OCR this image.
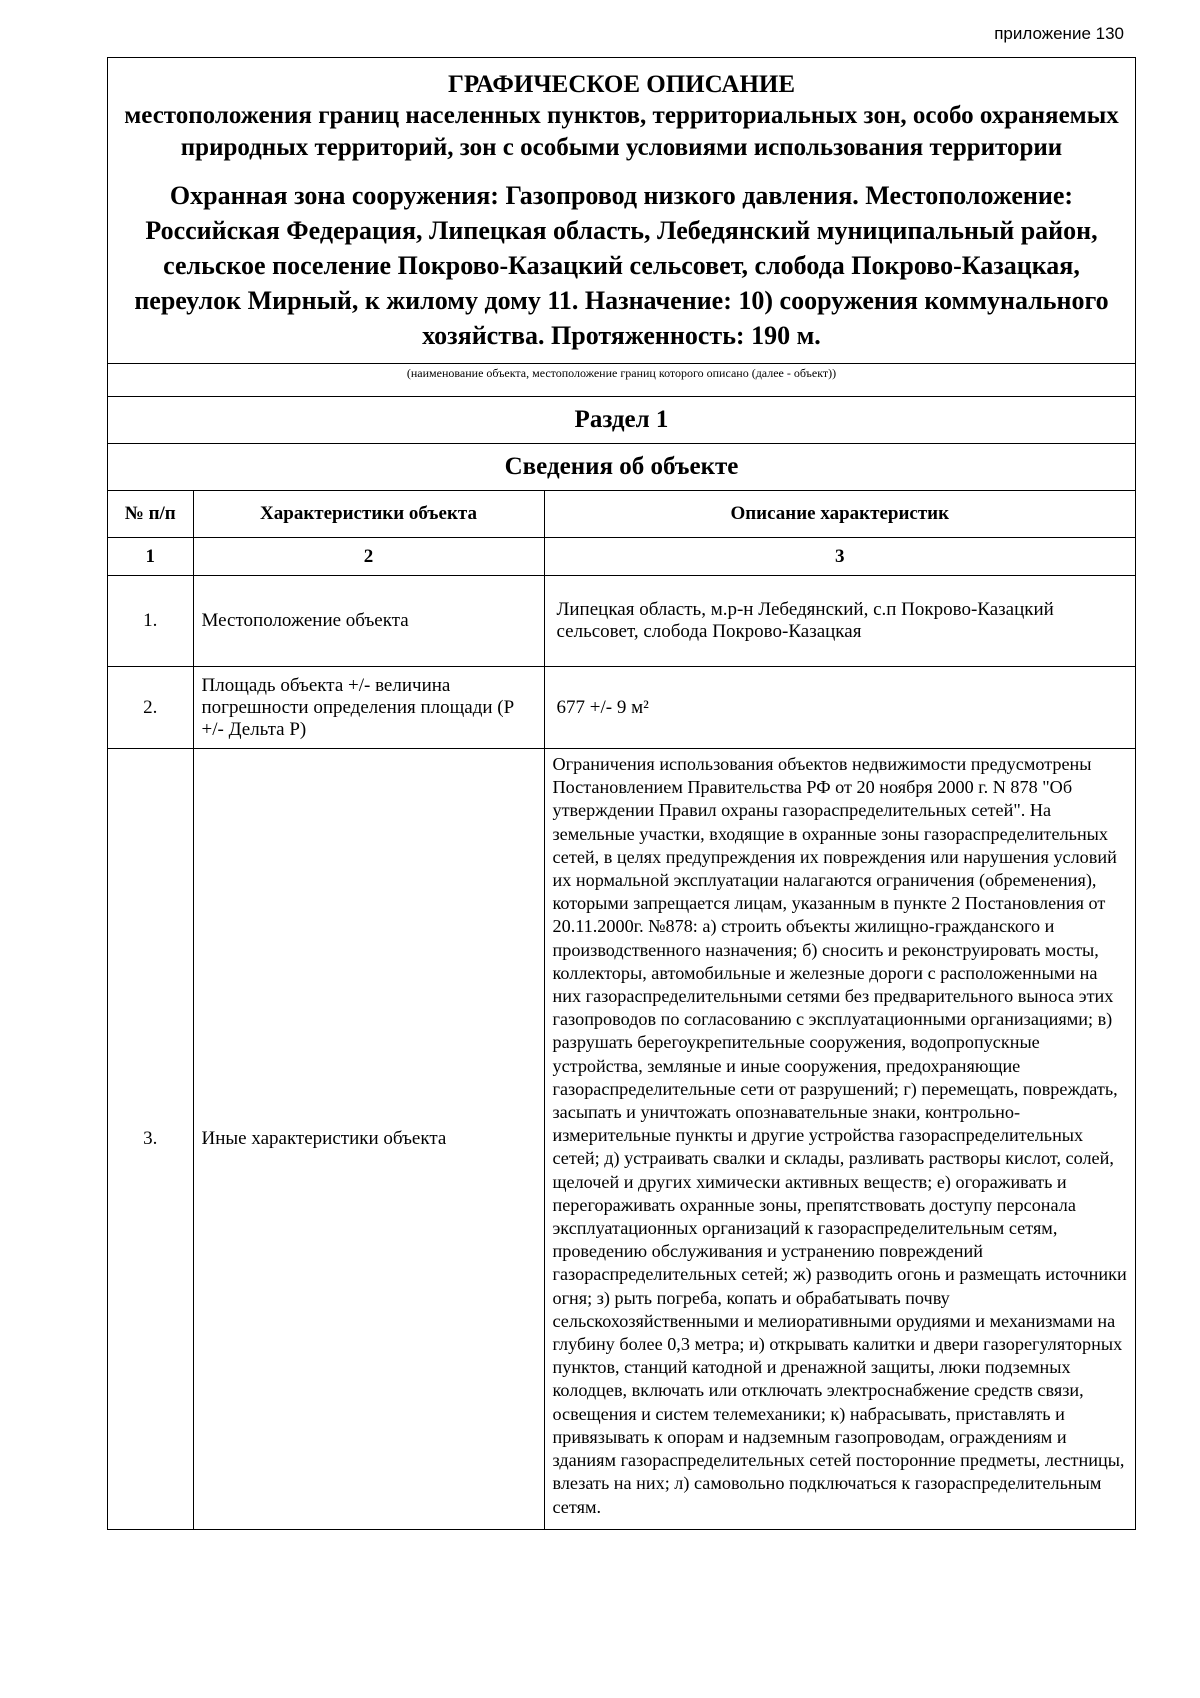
приложение 130
ГРАФИЧЕСКОЕ ОПИСАНИЕ
местоположения границ населенных пунктов, территориальных зон, особо охраняемых природных территорий, зон с особыми условиями использования территории
Охранная зона сооружения: Газопровод низкого давления. Местоположение: Российская Федерация, Липецкая область, Лебедянский муниципальный район, сельское поселение Покрово-Казацкий сельсовет, слобода Покрово-Казацкая, переулок Мирный, к жилому дому 11. Назначение: 10) сооружения коммунального хозяйства. Протяженность: 190 м.
(наименование объекта, местоположение границ которого описано (далее - объект))
Раздел 1
Сведения об объекте
№ п/п	Характеристики объекта	Описание характеристик
1	2	3
1.	Местоположение объекта	Липецкая область, м.р-н Лебедянский, с.п Покрово-Казацкий сельсовет, слобода Покрово-Казацкая
2.	Площадь объекта +/- величина погрешности определения площади (Р +/- Дельта Р)	677 +/- 9 м²
3.	Иные характеристики объекта	Ограничения использования объектов недвижимости предусмотрены Постановлением Правительства РФ от 20 ноября 2000 г. N 878 "Об утверждении Правил охраны газораспределительных сетей". На земельные участки, входящие в охранные зоны газораспределительных сетей, в целях предупреждения их повреждения или нарушения условий их нормальной эксплуатации налагаются ограничения (обременения), которыми запрещается лицам, указанным в пункте 2 Постановления от 20.11.2000г. №878: а) строить объекты жилищно-гражданского и производственного назначения; б) сносить и реконструировать мосты, коллекторы, автомобильные и железные дороги с расположенными на них газораспределительными сетями без предварительного выноса этих газопроводов по согласованию с эксплуатационными организациями; в) разрушать берегоукрепительные сооружения, водопропускные устройства, земляные и иные сооружения, предохраняющие газораспределительные сети от разрушений; г) перемещать, повреждать, засыпать и уничтожать опознавательные знаки, контрольно-измерительные пункты и другие устройства газораспределительных сетей; д) устраивать свалки и склады, разливать растворы кислот, солей, щелочей и других химически активных веществ; е) огораживать и перегораживать охранные зоны, препятствовать доступу персонала эксплуатационных организаций к газораспределительным сетям, проведению обслуживания и устранению повреждений газораспределительных сетей; ж) разводить огонь и размещать источники огня; з) рыть погреба, копать и обрабатывать почву сельскохозяйственными и мелиоративными орудиями и механизмами на глубину более 0,3 метра; и) открывать калитки и двери газорегуляторных пунктов, станций катодной и дренажной защиты, люки подземных колодцев, включать или отключать электроснабжение средств связи, освещения и систем телемеханики; к) набрасывать, приставлять и привязывать к опорам и надземным газопроводам, ограждениям и зданиям газораспределительных сетей посторонние предметы, лестницы, влезать на них; л) самовольно подключаться к газораспределительным сетям.
